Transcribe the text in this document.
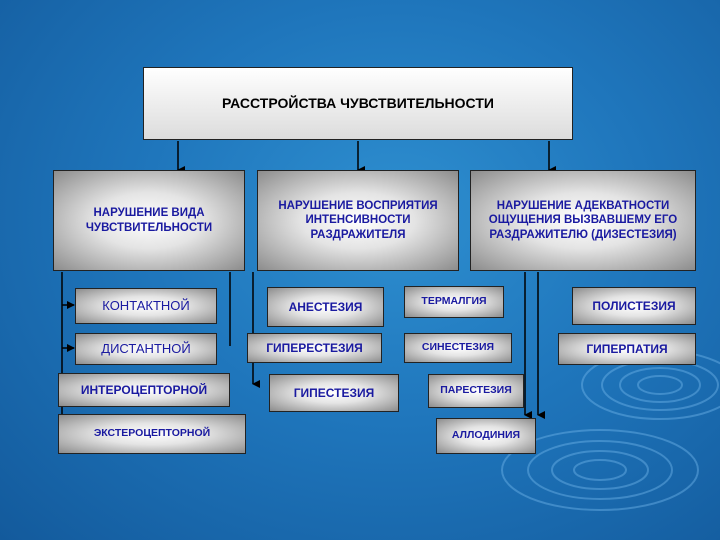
РАССТРОЙСТВА ЧУВСТВИТЕЛЬНОСТИ
НАРУШЕНИЕ ВИДА ЧУВСТВИТЕЛЬНОСТИ
НАРУШЕНИЕ ВОСПРИЯТИЯ ИНТЕНСИВНОСТИ РАЗДРАЖИТЕЛЯ
НАРУШЕНИЕ АДЕКВАТНОСТИ ОЩУЩЕНИЯ ВЫЗВАВШЕМУ ЕГО РАЗДРАЖИТЕЛЮ (ДИЗЕСТЕЗИЯ)
КОНТАКТНОЙ
ДИСТАНТНОЙ
ИНТЕРОЦЕПТОРНОЙ
ЭКСТЕРОЦЕПТОРНОЙ
АНЕСТЕЗИЯ
ГИПЕРЕСТЕЗИЯ
ГИПЕСТЕЗИЯ
ТЕРМАЛГИЯ
СИНЕСТЕЗИЯ
ПАРЕСТЕЗИЯ
АЛЛОДИНИЯ
ПОЛИСТЕЗИЯ
ГИПЕРПАТИЯ
